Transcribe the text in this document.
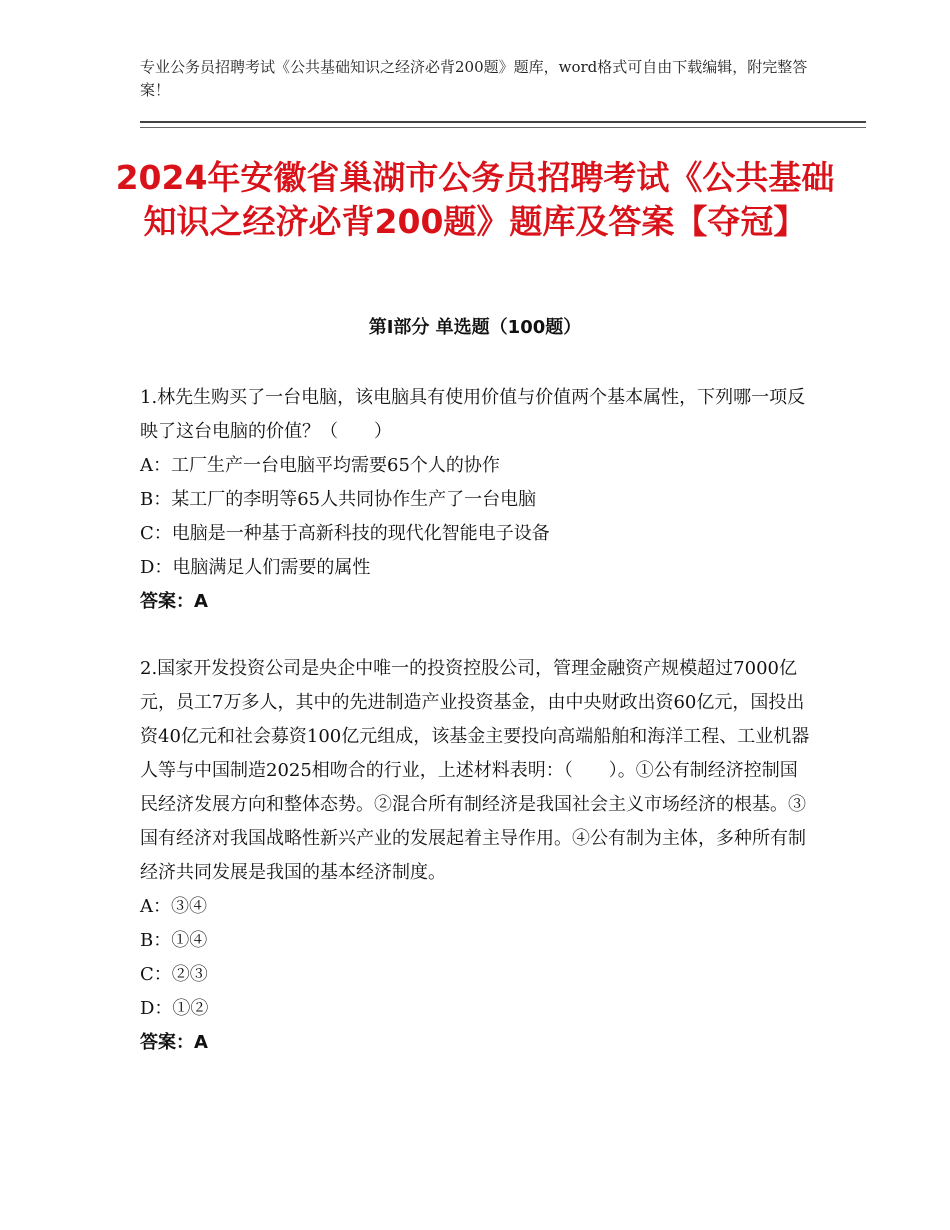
专业公务员招聘考试《公共基础知识之经济必背200题》题库，word格式可自由下载编辑，附完整答案！
2024年安徽省巢湖市公务员招聘考试《公共基础知识之经济必背200题》题库及答案【夺冠】
第Ⅰ部分 单选题（100题）

1.林先生购买了一台电脑，该电脑具有使用价值与价值两个基本属性，下列哪一项反映了这台电脑的价值？（　　）

A：工厂生产一台电脑平均需要65个人的协作

B：某工厂的李明等65人共同协作生产了一台电脑

C：电脑是一种基于高新科技的现代化智能电子设备

D：电脑满足人们需要的属性

答案：A

2.国家开发投资公司是央企中唯一的投资控股公司，管理金融资产规模超过7000亿元，员工7万多人，其中的先进制造产业投资基金，由中央财政出资60亿元，国投出资40亿元和社会募资100亿元组成，该基金主要投向高端船舶和海洋工程、工业机器人等与中国制造2025相吻合的行业，上述材料表明：（　　）。①公有制经济控制国民经济发展方向和整体态势。②混合所有制经济是我国社会主义市场经济的根基。③国有经济对我国战略性新兴产业的发展起着主导作用。④公有制为主体，多种所有制经济共同发展是我国的基本经济制度。

A：③④

B：①④

C：②③

D：①②

答案：A
